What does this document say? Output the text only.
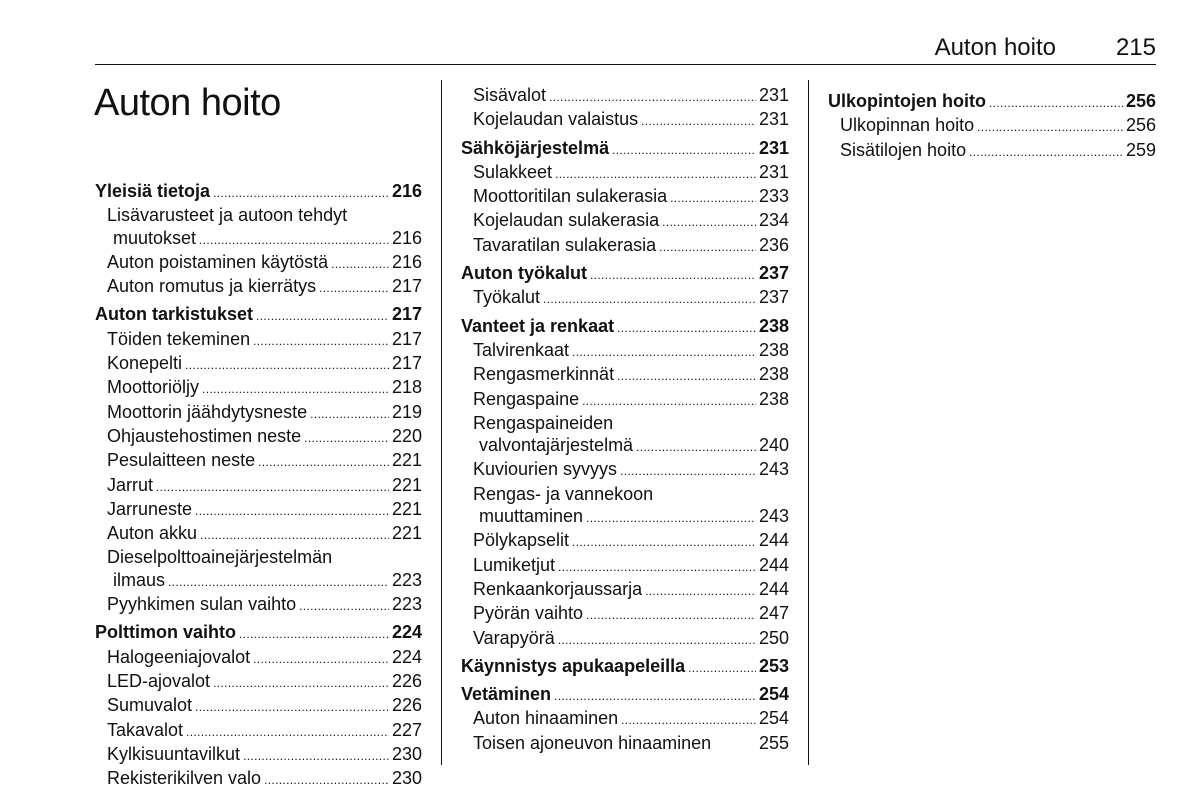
Auton hoito 215
Auton hoito
Yleisiä tietoja . . .	216
Lisävarusteet ja autoon tehdyt
muutokset . . .	216
Auton poistaminen käytöstä . . .	216
Auton romutus ja kierrätys . . .	217
Auton tarkistukset . . .	217
Töiden tekeminen . . .	217
Konepelti . . .	217
Moottoriöljy . . .	218
Moottorin jäähdytysneste . . .	219
Ohjaustehostimen neste . . .	220
Pesulaitteen neste . . .	221
Jarrut . . .	221
Jarruneste . . .	221
Auton akku . . .	221
Dieselpolttoainejärjestelmän
ilmaus . . .	223
Pyyhkimen sulan vaihto . . .	223
Polttimon vaihto . . .	224
Halogeeniajovalot . . .	224
LED-ajovalot . . .	226
Sumuvalot . . .	226
Takavalot . . .	227
Kylkisuuntavilkut . . .	230
Rekisterikilven valo . . .	230
Sisävalot . . .	231
Kojelaudan valaistus . . .	231
Sähköjärjestelmä . . .	231
Sulakkeet . . .	231
Moottoritilan sulakerasia . . .	233
Kojelaudan sulakerasia . . .	234
Tavaratilan sulakerasia . . .	236
Auton työkalut . . .	237
Työkalut . . .	237
Vanteet ja renkaat . . .	238
Talvirenkaat . . .	238
Rengasmerkinnät . . .	238
Rengaspaine . . .	238
Rengaspaineiden
valvontajärjestelmä . . .	240
Kuviourien syvyys . . .	243
Rengas- ja vannekoon
muuttaminen . . .	243
Pölykapselit . . .	244
Lumiketjut . . .	244
Renkaankorjaussarja . . .	244
Pyörän vaihto . . .	247
Varapyörä . . .	250
Käynnistys apukaapeleilla . . .	253
Vetäminen . . .	254
Auton hinaaminen . . .	254
Toisen ajoneuvon hinaaminen	255
Ulkopintojen hoito . . .	256
Ulkopinnan hoito . . .	256
Sisätilojen hoito . . .	259
